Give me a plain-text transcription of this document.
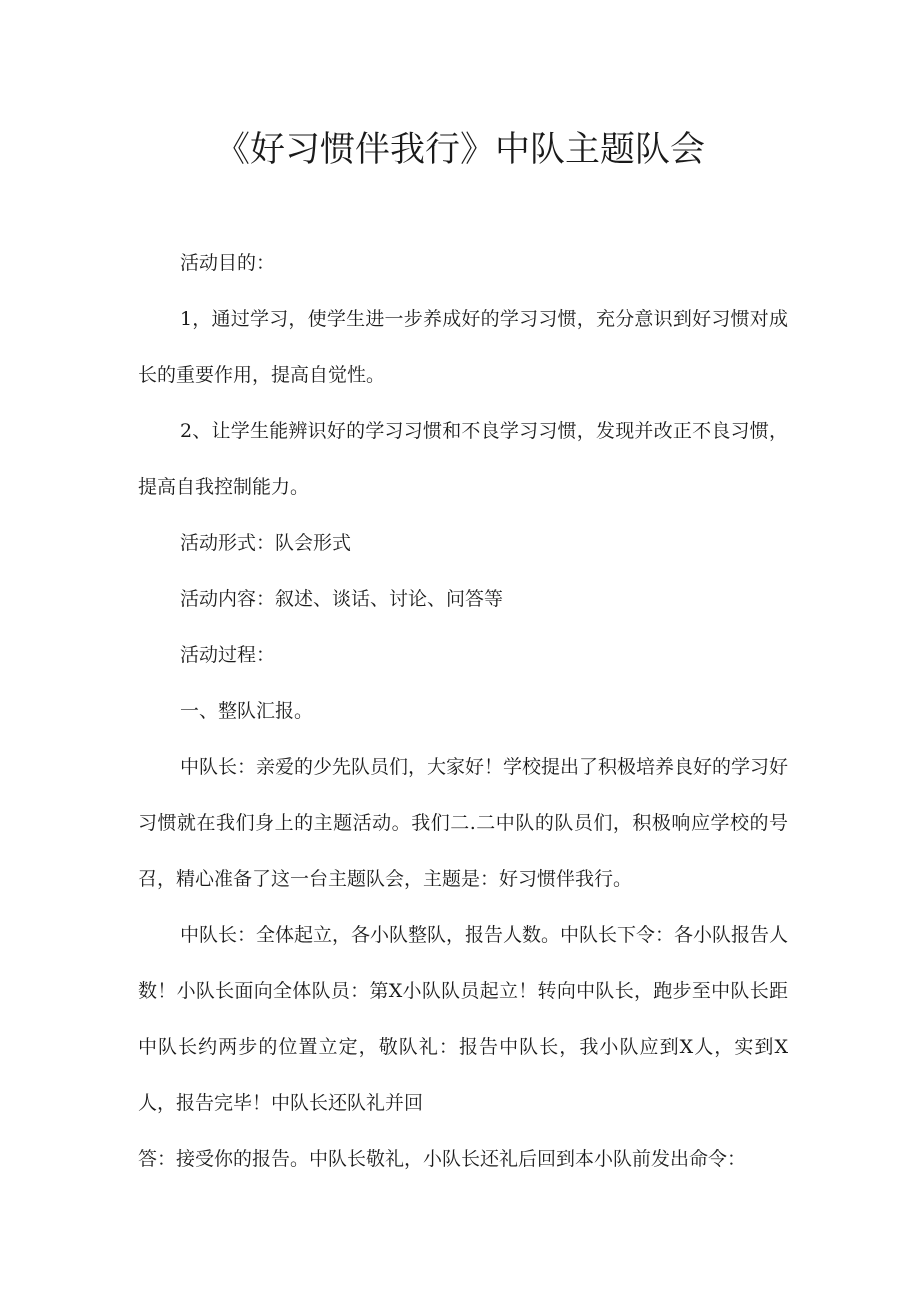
《好习惯伴我行》中队主题队会

活动目的：

1，通过学习，使学生进一步养成好的学习习惯，充分意识到好习惯对成长的重要作用，提高自觉性。

2、让学生能辨识好的学习习惯和不良学习习惯，发现并改正不良习惯，提高自我控制能力。

活动形式：队会形式

活动内容：叙述、谈话、讨论、问答等

活动过程：

一、整队汇报。

中队长：亲爱的少先队员们，大家好！学校提出了积极培养良好的学习好习惯就在我们身上的主题活动。我们二.二中队的队员们，积极响应学校的号召，精心准备了这一台主题队会，主题是：好习惯伴我行。

中队长：全体起立，各小队整队，报告人数。中队长下令：各小队报告人数！小队长面向全体队员：第X小队队员起立！转向中队长，跑步至中队长距中队长约两步的位置立定，敬队礼：报告中队长，我小队应到X人，实到X人，报告完毕！中队长还队礼并回

答：接受你的报告。中队长敬礼，小队长还礼后回到本小队前发出命令：
